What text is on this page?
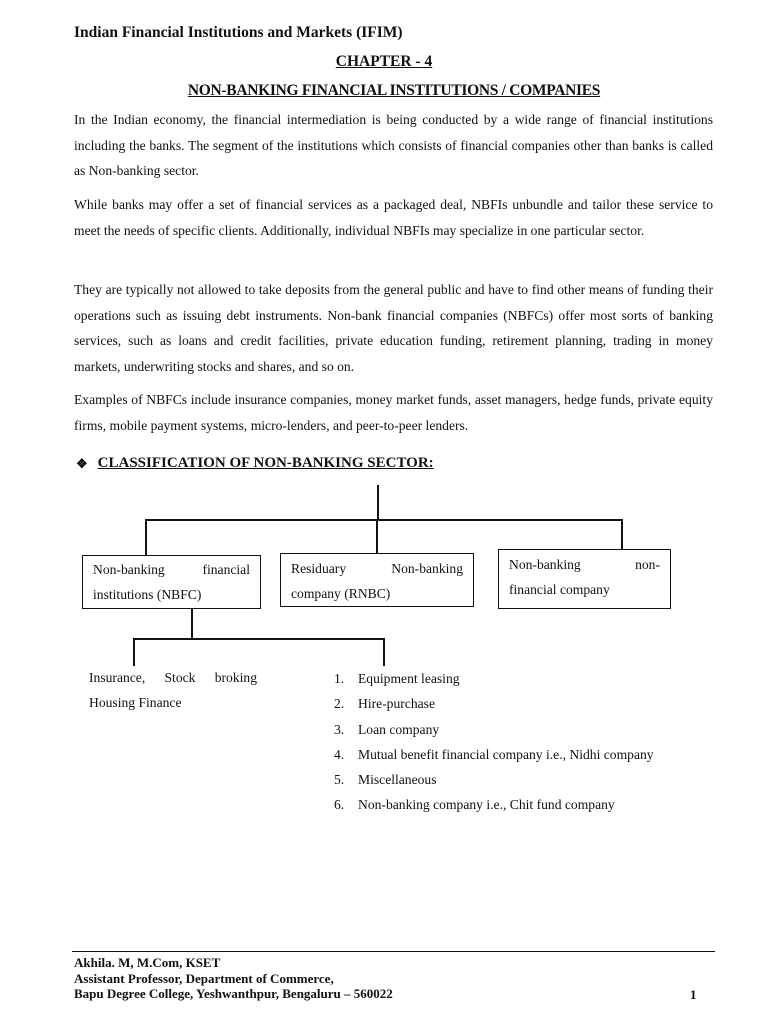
Indian Financial Institutions and Markets (IFIM)
CHAPTER - 4
NON-BANKING FINANCIAL INSTITUTIONS / COMPANIES
In the Indian economy, the financial intermediation is being conducted by a wide range of financial institutions including the banks. The segment of the institutions which consists of financial companies other than banks is called as Non-banking sector.
While banks may offer a set of financial services as a packaged deal, NBFIs unbundle and tailor these service to meet the needs of specific clients. Additionally, individual NBFIs may specialize in one particular sector.
They are typically not allowed to take deposits from the general public and have to find other means of funding their operations such as issuing debt instruments. Non-bank financial companies (NBFCs) offer most sorts of banking services, such as loans and credit facilities, private education funding, retirement planning, trading in money markets, underwriting stocks and shares, and so on.
Examples of NBFCs include insurance companies, money market funds, asset managers, hedge funds, private equity firms, mobile payment systems, micro-lenders, and peer-to-peer lenders.
❖ CLASSIFICATION OF NON-BANKING SECTOR:
Non-banking financial

institutions (NBFC)
Residuary Non-banking

company (RNBC)
Non-banking non-

financial company
Insurance, Stock broking
Housing Finance
1.	Equipment leasing
2.	Hire-purchase
3.	Loan company
4.	Mutual benefit financial company i.e., Nidhi company
5.	Miscellaneous
6.	Non-banking company i.e., Chit fund company
Akhila. M, M.Com, KSET
Assistant Professor, Department of Commerce,
Bapu Degree College, Yeshwanthpur, Bengaluru – 560022	1
